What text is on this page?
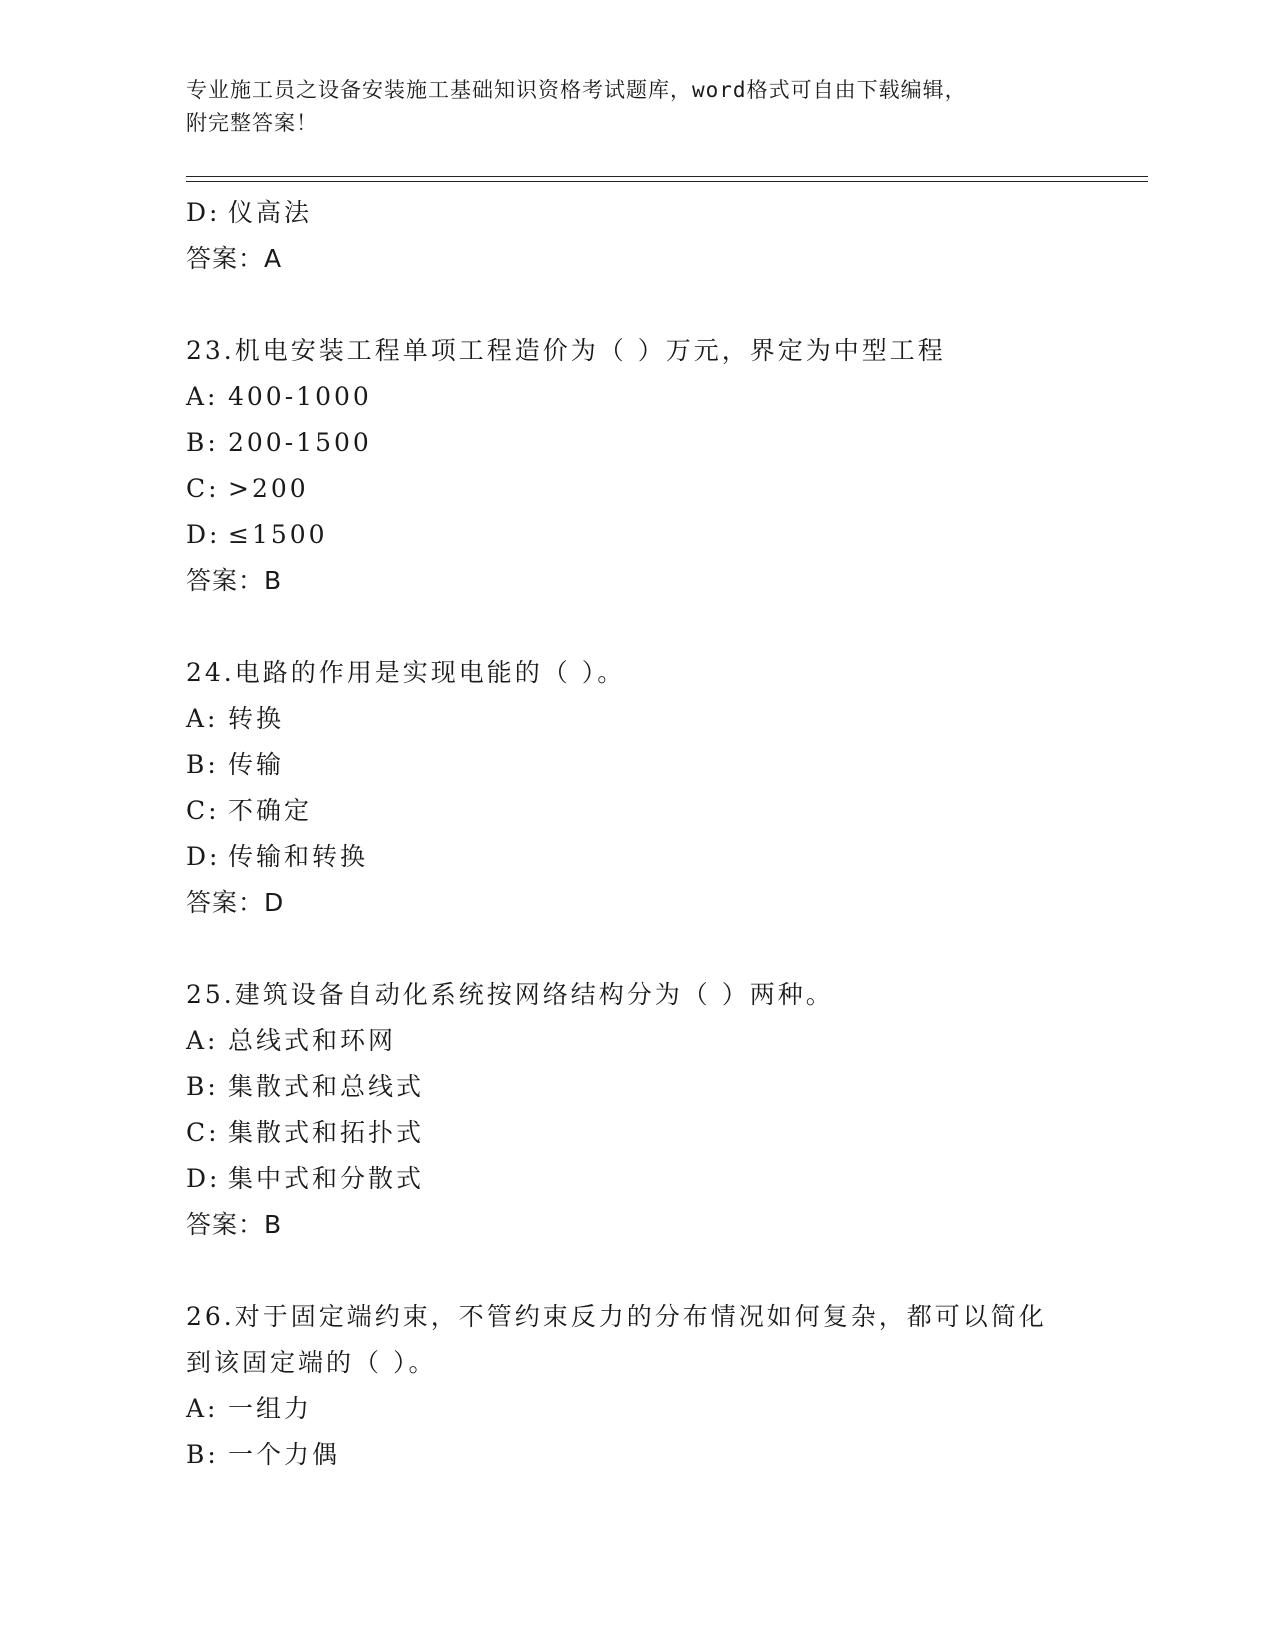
专业施工员之设备安装施工基础知识资格考试题库，word格式可自由下载编辑，
附完整答案！
D: 仪高法
答案：A
23.机电安装工程单项工程造价为（ ）万元，界定为中型工程
A: 400-1000
B: 200-1500
C: >200
D: ≤1500
答案：B
24.电路的作用是实现电能的（ ）。
A: 转换
B: 传输
C: 不确定
D: 传输和转换
答案：D
25.建筑设备自动化系统按网络结构分为（ ）两种。
A: 总线式和环网
B: 集散式和总线式
C: 集散式和拓扑式
D: 集中式和分散式
答案：B
26.对于固定端约束，不管约束反力的分布情况如何复杂，都可以简化
到该固定端的（ ）。
A: 一组力
B: 一个力偶
